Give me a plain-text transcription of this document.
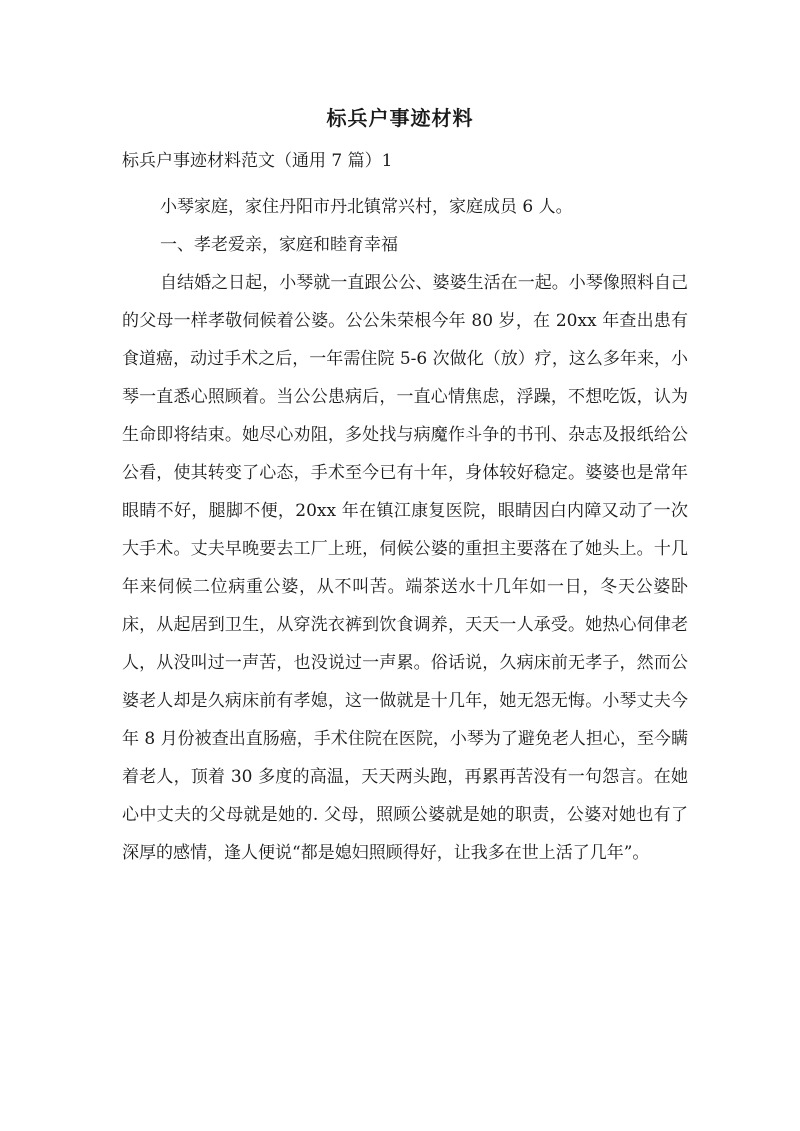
标兵户事迹材料
标兵户事迹材料范文（通用 7 篇）1

小琴家庭，家住丹阳市丹北镇常兴村，家庭成员 6 人。

一、孝老爱亲，家庭和睦育幸福

自结婚之日起，小琴就一直跟公公、婆婆生活在一起。小琴像照料自己的父母一样孝敬伺候着公婆。公公朱荣根今年 80 岁，在 20xx 年查出患有食道癌，动过手术之后，一年需住院 5-6 次做化（放）疗，这么多年来，小琴一直悉心照顾着。当公公患病后，一直心情焦虑，浮躁，不想吃饭，认为生命即将结束。她尽心劝阻，多处找与病魔作斗争的书刊、杂志及报纸给公公看，使其转变了心态，手术至今已有十年，身体较好稳定。婆婆也是常年眼睛不好，腿脚不便，20xx 年在镇江康复医院，眼睛因白内障又动了一次大手术。丈夫早晚要去工厂上班，伺候公婆的重担主要落在了她头上。十几年来伺候二位病重公婆，从不叫苦。端茶送水十几年如一日，冬天公婆卧床，从起居到卫生，从穿洗衣裤到饮食调养，天天一人承受。她热心伺侓老人，从没叫过一声苦，也没说过一声累。俗话说，久病床前无孝子，然而公婆老人却是久病床前有孝媳，这一做就是十几年，她无怨无悔。小琴丈夫今年 8 月份被查出直肠癌，手术住院在医院，小琴为了避免老人担心，至今瞒着老人，顶着 30 多度的高温，天天两头跑，再累再苦没有一句怨言。在她心中丈夫的父母就是她的. 父母，照顾公婆就是她的职责，公婆对她也有了深厚的感情，逢人便说“都是媳妇照顾得好，让我多在世上活了几年”。
